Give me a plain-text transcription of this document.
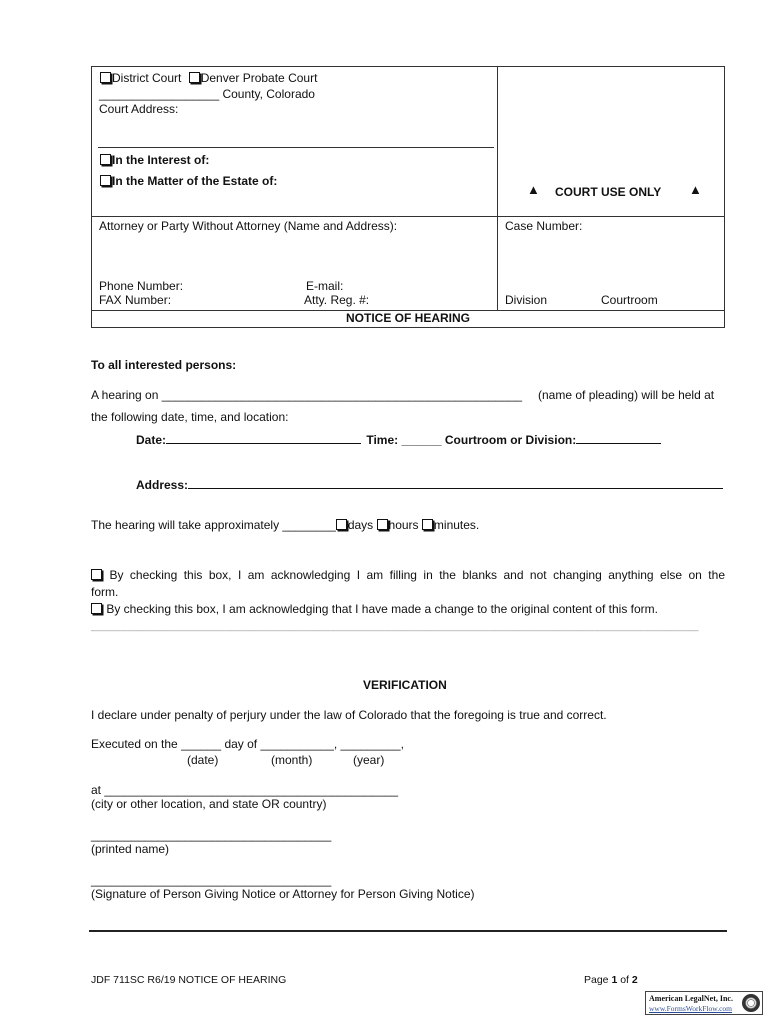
District Court Denver Probate Court
__________________ County, Colorado
Court Address:
In the Interest of:
In the Matter of the Estate of:
▲ COURT USE ONLY ▲
Attorney or Party Without Attorney (Name and Address):	Case Number:
Phone Number:	E-mail:
FAX Number:	Atty. Reg. #:	Division	Courtroom
NOTICE OF HEARING
To all interested persons:
A hearing on ______________________________________________________ (name of pleading) will be held at
the following date, time, and location:
Date:	Time: ______ Courtroom or Division:
Address:
The hearing will take approximately ________ days hours minutes.
By checking this box, I am acknowledging I am filling in the blanks and not changing anything else on the
form.
By checking this box, I am acknowledging that I have made a change to the original content of this form.
___________________________________________________________________________________________________
VERIFICATION
I declare under penalty of perjury under the law of Colorado that the foregoing is true and correct.
Executed on the ______ day of ___________, _________,
(date)	(month)	(year)
at ____________________________________________
(city or other location, and state OR country)
____________________________________
(printed name)
____________________________________
(Signature of Person Giving Notice or Attorney for Person Giving Notice)
JDF 711SC R6/19 NOTICE OF HEARING	Page 1 of 2
American LegalNet, Inc.
www.FormsWorkFlow.com
